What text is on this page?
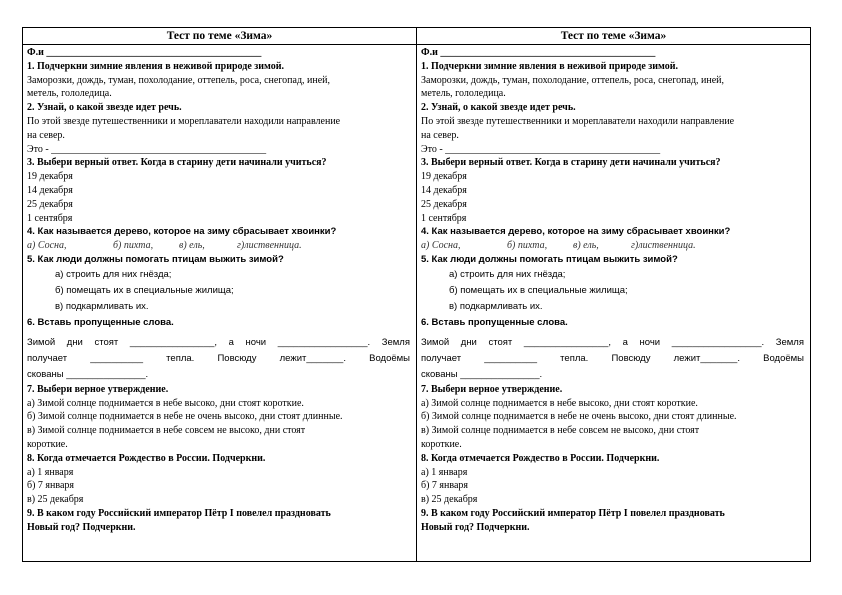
Тест по теме «Зима»
Ф.и ___________________________________________
1. Подчеркни зимние явления в неживой природе зимой.
Заморозки, дождь, туман, похолодание, оттепель, роса, снегопад, иней,
метель, гололедица.
2. Узнай, о какой звезде идет речь.
По этой звезде путешественники и мореплаватели находили направление
на север.
Это - ___________________________________________
3. Выбери верный ответ. Когда в старину дети начинали учиться?
19 декабря
14 декабря
25 декабря
1 сентября
4. Как называется дерево, которое на зиму сбрасывает хвоинки?
а) Сосна,	б) пихта,	в) ель,	г)лиственница.
5. Как люди должны помогать птицам выжить зимой?
а) строить для них гнёзда;
б) помещать их в специальные жилища;
в) подкармливать их.
6. Вставь пропущенные слова.
Зимой дни стоят ________________, а ночи _________________. Земля
получает __________ тепла. Повсюду лежит_______. Водоёмы
скованы _______________.
7. Выбери верное утверждение.
а) Зимой солнце поднимается в небе высоко, дни стоят короткие.
б) Зимой солнце поднимается в небе не очень высоко, дни стоят длинные.
в) Зимой солнце поднимается в небе совсем не высоко, дни стоят
короткие.
8. Когда отмечается Рождество в России. Подчеркни.
а) 1 января
б) 7 января
в) 25 декабря
9. В каком году Российский император Пётр I повелел праздновать
Новый год? Подчеркни.
Тест по теме «Зима»
Ф.и ___________________________________________
1. Подчеркни зимние явления в неживой природе зимой.
Заморозки, дождь, туман, похолодание, оттепель, роса, снегопад, иней,
метель, гололедица.
2. Узнай, о какой звезде идет речь.
По этой звезде путешественники и мореплаватели находили направление
на север.
Это - ___________________________________________
3. Выбери верный ответ. Когда в старину дети начинали учиться?
19 декабря
14 декабря
25 декабря
1 сентября
4. Как называется дерево, которое на зиму сбрасывает хвоинки?
а) Сосна,	б) пихта,	в) ель,	г)лиственница.
5. Как люди должны помогать птицам выжить зимой?
а) строить для них гнёзда;
б) помещать их в специальные жилища;
в) подкармливать их.
6. Вставь пропущенные слова.
Зимой дни стоят ________________, а ночи _________________. Земля
получает __________ тепла. Повсюду лежит_______. Водоёмы
скованы _______________.
7. Выбери верное утверждение.
а) Зимой солнце поднимается в небе высоко, дни стоят короткие.
б) Зимой солнце поднимается в небе не очень высоко, дни стоят длинные.
в) Зимой солнце поднимается в небе совсем не высоко, дни стоят
короткие.
8. Когда отмечается Рождество в России. Подчеркни.
а) 1 января
б) 7 января
в) 25 декабря
9. В каком году Российский император Пётр I повелел праздновать
Новый год? Подчеркни.
